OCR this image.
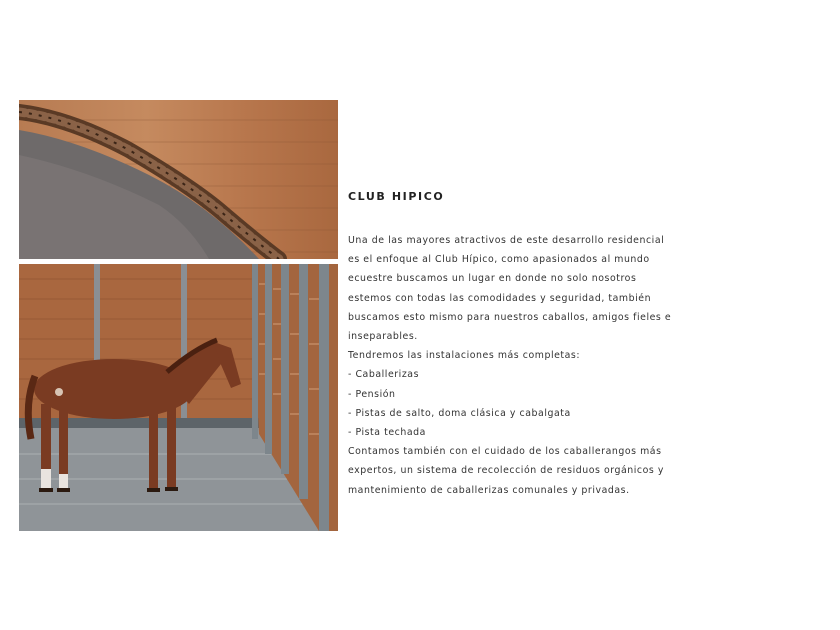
CLUB HIPICO

Una de las mayores atractivos de este desarrollo residencial es el enfoque al Club Hípico, como apasionados al mundo ecuestre buscamos un lugar en donde no solo nosotros estemos con todas las comodidades y seguridad, también buscamos esto mismo para nuestros caballos, amigos fieles e inseparables.

Tendremos las instalaciones más completas:

- Caballerizas
- Pensión
- Pistas de salto, doma clásica y cabalgata
- Pista techada

Contamos también con el cuidado de los caballerangos más expertos, un sistema de recolección de residuos orgánicos y mantenimiento de caballerizas comunales y privadas.
